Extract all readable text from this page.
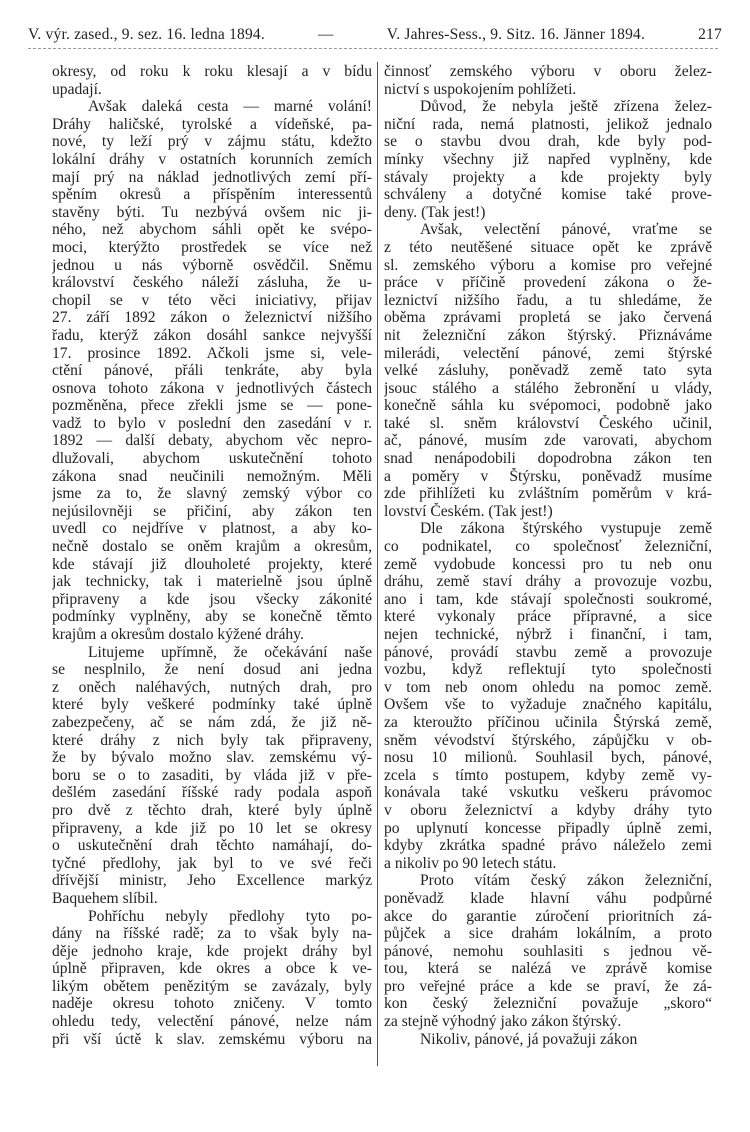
V. výr. zased., 9. sez. 16. ledna 1894.	—	V. Jahres-Sess., 9. Sitz. 16. Jänner 1894.	217
okresy, od roku k roku klesají a v bídu
upadají.
Avšak daleká cesta — marné volání!
Dráhy haličské, tyrolské a vídeňské, pa-
nové, ty leží prý v zájmu státu, kdežto
lokální dráhy v ostatních korunních zemích
mají prý na náklad jednotlivých zemí pří-
spěním okresů a příspěním interessentů
stavěny býti. Tu nezbývá ovšem nic ji-
ného, než abychom sáhli opět ke svépo-
moci, kterýžto prostředek se více než
jednou u nás výborně osvědčil. Sněmu
království českého náleží zásluha, že u-
chopil se v této věci iniciativy, přijav
27. září 1892 zákon o železnictví nižšího
řadu, kterýž zákon dosáhl sankce nejvyšší
17. prosince 1892. Ačkoli jsme si, vele-
ctění pánové, přáli tenkráte, aby byla
osnova tohoto zákona v jednotlivých částech
pozměněna, přece zřekli jsme se — pone-
vadž to bylo v poslední den zasedání v r.
1892 — další debaty, abychom věc nepro-
dlužovali, abychom uskutečnění tohoto
zákona snad neučinili nemožným. Měli
jsme za to, že slavný zemský výbor co
nejúsilovněji se přičiní, aby zákon ten
uvedl co nejdříve v platnost, a aby ko-
nečně dostalo se oněm krajům a okresům,
kde stávají již dlouholeté projekty, které
jak technicky, tak i materielně jsou úplně
připraveny a kde jsou všecky zákonité
podmínky vyplněny, aby se konečně těmto
krajům a okresům dostalo kýžené dráhy.
Litujeme upřímně, že očekávání naše
se nesplnilo, že není dosud ani jedna
z oněch naléhavých, nutných drah, pro
které byly veškeré podmínky také úplně
zabezpečeny, ač se nám zdá, že již ně-
které dráhy z nich byly tak připraveny,
že by bývalo možno slav. zemskému vý-
boru se o to zasaditi, by vláda již v pře-
dešlém zasedání říšské rady podala aspoň
pro dvě z těchto drah, které byly úplně
připraveny, a kde již po 10 let se okresy
o uskutečnění drah těchto namáhají, do-
tyčné předlohy, jak byl to ve své řeči
dřívější ministr, Jeho Excellence markýz
Baquehem slíbil.
Pohříchu nebyly předlohy tyto po-
dány na říšské radě; za to však byly na-
děje jednoho kraje, kde projekt dráhy byl
úplně připraven, kde okres a obce k ve-
likým obětem penězitým se zavázaly, byly
naděje okresu tohoto zničeny. V tomto
ohledu tedy, velectění pánové, nelze nám
při vší úctě k slav. zemskému výboru na
činnosť zemského výboru v oboru želez-
nictví s uspokojením pohlížeti.
Důvod, že nebyla ještě zřízena želez-
niční rada, nemá platnosti, jelikož jednalo
se o stavbu dvou drah, kde byly pod-
mínky všechny již napřed vyplněny, kde
stávaly projekty a kde projekty byly
schváleny a dotyčné komise také prove-
deny. (Tak jest!)
Avšak, velectění pánové, vraťme se
z této neutěšené situace opět ke zprávě
sl. zemského výboru a komise pro veřejné
práce v příčině provedení zákona o že-
leznictví nižšího řadu, a tu shledáme, že
oběma zprávami propletá se jako červená
nit železniční zákon štýrský. Přiznáváme
milerádi, velectění pánové, zemi štýrské
velké zásluhy, poněvadž země tato syta
jsouc stálého a stálého žebronění u vlády,
konečně sáhla ku svépomoci, podobně jako
také sl. sněm království Českého učinil,
ač, pánové, musím zde varovati, abychom
snad nenápodobili dopodrobna zákon ten
a poměry v Štýrsku, poněvadž musíme
zde přihlížeti ku zvláštním poměrům v krá-
lovství Českém. (Tak jest!)
Dle zákona štýrského vystupuje země
co podnikatel, co společnosť železniční,
země vydobude koncessi pro tu neb onu
dráhu, země staví dráhy a provozuje vozbu,
ano i tam, kde stávají společnosti soukromé,
které vykonaly práce přípravné, a sice
nejen technické, nýbrž i finanční, i tam,
pánové, provádí stavbu země a provozuje
vozbu, když reflektují tyto společnosti
v tom neb onom ohledu na pomoc země.
Ovšem vše to vyžaduje značného kapitálu,
za kteroužto příčinou učinila Štýrská země,
sněm vévodství štýrského, zápůjčku v ob-
nosu 10 milionů. Souhlasil bych, pánové,
zcela s tímto postupem, kdyby země vy-
konávala také vskutku veškeru právomoc
v oboru železnictví a kdyby dráhy tyto
po uplynutí koncesse připadly úplně zemi,
kdyby zkrátka spadné právo náleželo zemi
a nikoliv po 90 letech státu.
Proto vítám český zákon železniční,
poněvadž klade hlavní váhu podpůrné
akce do garantie zúročení prioritních zá-
půjček a sice drahám lokálním, a proto
pánové, nemohu souhlasiti s jednou vě-
tou, která se nalézá ve zprávě komise
pro veřejné práce a kde se praví, že zá-
kon český železniční považuje „skoro“
za stejně výhodný jako zákon štýrský.
Nikoliv, pánové, já považuji zákon
